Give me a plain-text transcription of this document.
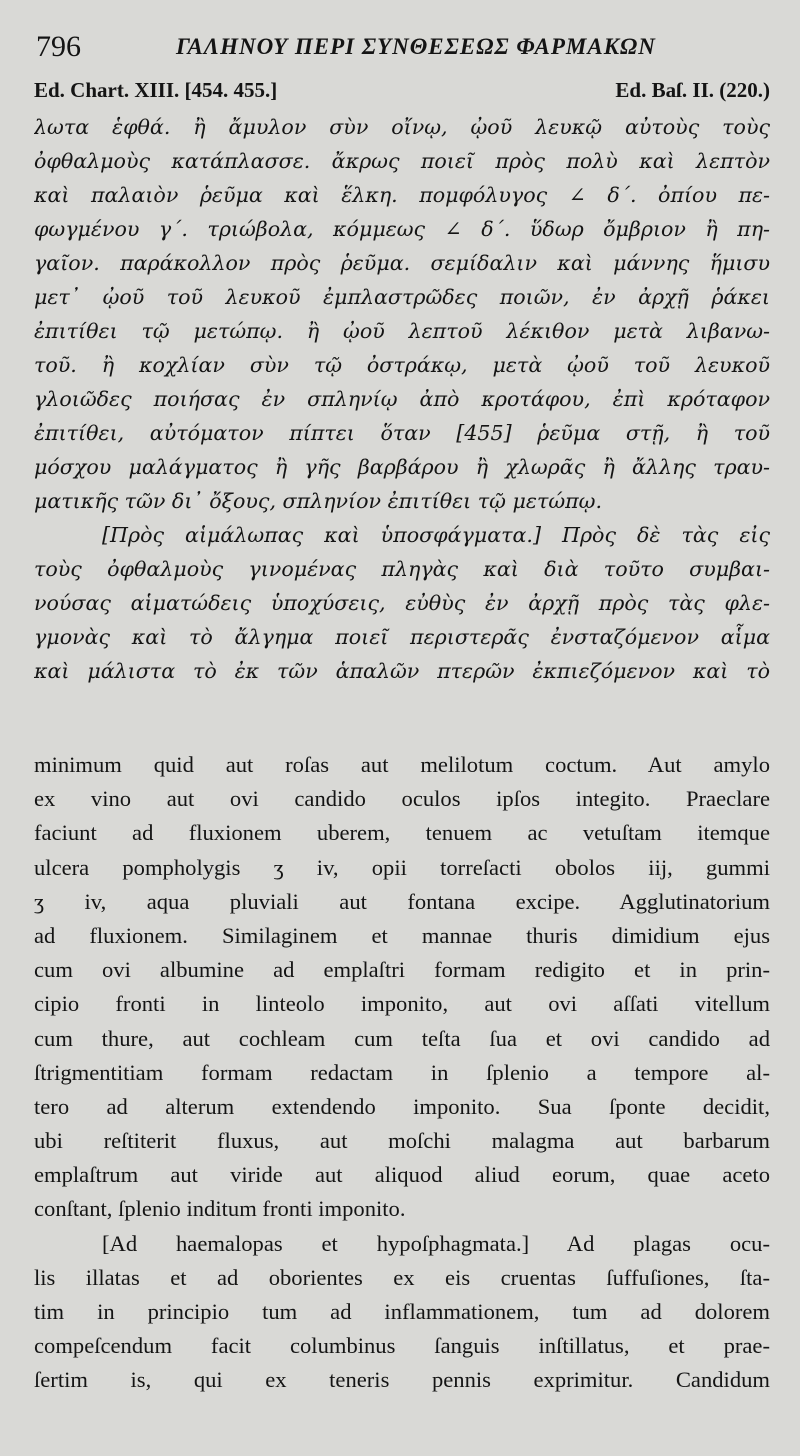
796	ΓΑΛΗΝΟΥ ΠΕΡΙ ΣΥΝΘΕΣΕΩΣ ΦΑΡΜΑΚΩΝ
Ed. Chart. XIII. [454. 455.]	Ed. Baſ. II. (220.)
λωτα ἑφθά. ἢ ἄμυλον σὺν οἴνῳ, ᾠοῦ λευκῷ αὐτοὺς τοὺς
ὀφθαλμοὺς κατάπλασσε. ἄκρως ποιεῖ πρὸς πολὺ καὶ λεπτὸν
καὶ παλαιὸν ῥεῦμα καὶ ἕλκη. πομφόλυγος ∠ δ΄. ὀπίου πε-
φωγμένου γ΄. τριώβολα, κόμμεως ∠ δ΄. ὕδωρ ὄμβριον ἢ πη-
γαῖον. παράκολλον πρὸς ῥεῦμα. σεμίδαλιν καὶ μάννης ἥμισυ
μετ᾽ ᾠοῦ τοῦ λευκοῦ ἐμπλαστρῶδες ποιῶν, ἐν ἀρχῇ ῥάκει
ἐπιτίθει τῷ μετώπῳ. ἢ ᾠοῦ λεπτοῦ λέκιθον μετὰ λιβανω-
τοῦ. ἢ κοχλίαν σὺν τῷ ὀστράκῳ, μετὰ ᾠοῦ τοῦ λευκοῦ
γλοιῶδες ποιήσας ἐν σπληνίῳ ἀπὸ κροτάφου, ἐπὶ κρόταφον
ἐπιτίθει, αὐτόματον πίπτει ὅταν [455] ῥεῦμα στῇ, ἢ τοῦ
μόσχου μαλάγματος ἢ γῆς βαρβάρου ἢ χλωρᾶς ἢ ἄλλης τραυ-
ματικῆς τῶν δι᾽ ὄξους, σπληνίον ἐπιτίθει τῷ μετώπῳ.
[Πρὸς αἱμάλωπας καὶ ὑποσφάγματα.] Πρὸς δὲ τὰς εἰς
τοὺς ὀφθαλμοὺς γινομένας πληγὰς καὶ διὰ τοῦτο συμβαι-
νούσας αἱματώδεις ὑποχύσεις, εὐθὺς ἐν ἀρχῇ πρὸς τὰς φλε-
γμονὰς καὶ τὸ ἄλγημα ποιεῖ περιστερᾶς ἐνσταζόμενον αἷμα
καὶ μάλιστα τὸ ἐκ τῶν ἁπαλῶν πτερῶν ἐκπιεζόμενον καὶ τὸ
minimum quid aut roſas aut melilotum coctum. Aut amylo
ex vino aut ovi candido oculos ipſos integito. Praeclare
faciunt ad fluxionem uberem, tenuem ac vetuſtam itemque
ulcera pompholygis ʒ iv, opii torreſacti obolos iij, gummi
ʒ iv, aqua pluviali aut fontana excipe. Agglutinatorium
ad fluxionem. Similaginem et mannae thuris dimidium ejus
cum ovi albumine ad emplaſtri formam redigito et in prin-
cipio fronti in linteolo imponito, aut ovi aſſati vitellum
cum thure, aut cochleam cum teſta ſua et ovi candido ad
ſtrigmentitiam formam redactam in ſplenio a tempore al-
tero ad alterum extendendo imponito. Sua ſponte decidit,
ubi reſtiterit fluxus, aut moſchi malagma aut barbarum
emplaſtrum aut viride aut aliquod aliud eorum, quae aceto
conſtant, ſplenio inditum fronti imponito.
[Ad haemalopas et hypoſphagmata.] Ad plagas ocu-
lis illatas et ad oborientes ex eis cruentas ſuffuſiones, ſta-
tim in principio tum ad inflammationem, tum ad dolorem
compeſcendum facit columbinus ſanguis inſtillatus, et prae-
ſertim is, qui ex teneris pennis exprimitur. Candidum
